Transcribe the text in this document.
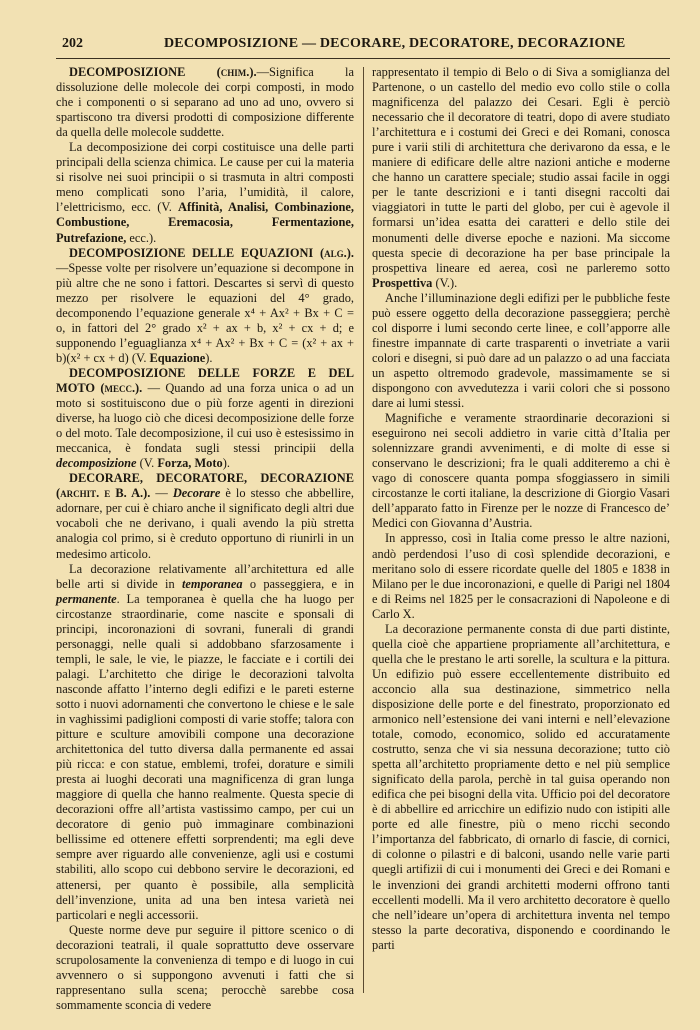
202	DECOMPOSIZIONE — DECORARE, DECORATORE, DECORAZIONE

DECOMPOSIZIONE (chim.).—Significa la dissoluzione delle molecole dei corpi composti, in modo che i componenti o si separano ad uno ad uno, ovvero si spartiscono tra diversi prodotti di composizione differente da quella delle molecole suddette.

La decomposizione dei corpi costituisce una delle parti principali della scienza chimica. Le cause per cui la materia si risolve nei suoi principii o si trasmuta in altri composti meno complicati sono l’aria, l’umidità, il calore, l’elettricismo, ecc. (V. Affinità, Analisi, Combinazione, Combustione, Eremacosia, Fermentazione, Putrefazione, ecc.).

DECOMPOSIZIONE DELLE EQUAZIONI (alg.). —Spesse volte per risolvere un’equazione si decompone in più altre che ne sono i fattori. Descartes si servì di questo mezzo per risolvere le equazioni del 4° grado, decomponendo l’equazione generale x⁴ + Ax² + Bx + C = o, in fattori del 2° grado x² + ax + b, x² + cx + d; e supponendo l’eguaglianza x⁴ + Ax² + Bx + C = (x² + ax + b)(x² + cx + d) (V. Equazione).

DECOMPOSIZIONE DELLE FORZE E DEL MOTO (mecc.). — Quando ad una forza unica o ad un moto si sostituiscono due o più forze agenti in direzioni diverse, ha luogo ciò che dicesi decomposizione delle forze o del moto. Tale decomposizione, il cui uso è estesissimo in meccanica, è fondata sugli stessi principii della decomposizione (V. Forza, Moto).

DECORARE, DECORATORE, DECORAZIONE (archit. e B. A.). — Decorare è lo stesso che abbellire, adornare, per cui è chiaro anche il significato degli altri due vocaboli che ne derivano, i quali avendo la più stretta analogia col primo, si è creduto opportuno di riunirli in un medesimo articolo.

La decorazione relativamente all’architettura ed alle belle arti si divide in temporanea o passeggiera, e in permanente. La temporanea è quella che ha luogo per circostanze straordinarie, come nascite e sponsali di principi, incoronazioni di sovrani, funerali di grandi personaggi, nelle quali si addobbano sfarzosamente i templi, le sale, le vie, le piazze, le facciate e i cortili dei palagi. L’architetto che dirige le decorazioni talvolta nasconde affatto l’interno degli edifizi e le pareti esterne sotto i nuovi adornamenti che convertono le chiese e le sale in vaghissimi padiglioni composti di varie stoffe; talora con pitture e sculture amovibili compone una decorazione architettonica del tutto diversa dalla permanente ed assai più ricca: e con statue, emblemi, trofei, dorature e simili presta ai luoghi decorati una magnificenza di gran lunga maggiore di quella che hanno realmente. Questa specie di decorazioni offre all’artista vastissimo campo, per cui un decoratore di genio può immaginare combinazioni bellissime ed ottenere effetti sorprendenti; ma egli deve sempre aver riguardo alle convenienze, agli usi e costumi stabiliti, allo scopo cui debbono servire le decorazioni, ed attenersi, per quanto è possibile, alla semplicità dell’invenzione, unita ad una ben intesa varietà nei particolari e negli accessorii.

Queste norme deve pur seguire il pittore scenico o di decorazioni teatrali, il quale soprattutto deve osservare scrupolosamente la convenienza di tempo e di luogo in cui avvennero o si suppongono avvenuti i fatti che si rappresentano sulla scena; perocchè sarebbe cosa sommamente sconcia di vedere

rappresentato il tempio di Belo o di Siva a somiglianza del Partenone, o un castello del medio evo collo stile o colla magnificenza del palazzo dei Cesari. Egli è perciò necessario che il decoratore di teatri, dopo di avere studiato l’architettura e i costumi dei Greci e dei Romani, conosca pure i varii stili di architettura che derivarono da essa, e le maniere di edificare delle altre nazioni antiche e moderne che hanno un carattere speciale; studio assai facile in oggi per le tante descrizioni e i tanti disegni raccolti dai viaggiatori in tutte le parti del globo, per cui è agevole il formarsi un’idea esatta dei caratteri e dello stile dei monumenti delle diverse epoche e nazioni. Ma siccome questa specie di decorazione ha per base principale la prospettiva lineare ed aerea, così ne parleremo sotto Prospettiva (V.).

Anche l’illuminazione degli edifizi per le pubbliche feste può essere oggetto della decorazione passeggiera; perchè col disporre i lumi secondo certe linee, e coll’apporre alle finestre impannate di carte trasparenti o invetriate a varii colori e disegni, si può dare ad un palazzo o ad una facciata un aspetto oltremodo gradevole, massimamente se si dispongono con avvedutezza i varii colori che si possono dare ai lumi stessi.

Magnifiche e veramente straordinarie decorazioni si eseguirono nei secoli addietro in varie città d’Italia per solennizzare grandi avvenimenti, e di molte di esse si conservano le descrizioni; fra le quali additeremo a chi è vago di conoscere quanta pompa sfoggiassero in simili circostanze le corti italiane, la descrizione di Giorgio Vasari dell’apparato fatto in Firenze per le nozze di Francesco de’ Medici con Giovanna d’Austria.

In appresso, così in Italia come presso le altre nazioni, andò perdendosi l’uso di così splendide decorazioni, e meritano solo di essere ricordate quelle del 1805 e 1838 in Milano per le due incoronazioni, e quelle di Parigi nel 1804 e di Reims nel 1825 per le consacrazioni di Napoleone e di Carlo X.

La decorazione permanente consta di due parti distinte, quella cioè che appartiene propriamente all’architettura, e quella che le prestano le arti sorelle, la scultura e la pittura. Un edifizio può essere eccellentemente distribuito ed acconcio alla sua destinazione, simmetrico nella disposizione delle porte e del finestrato, proporzionato ed armonico nell’estensione dei vani interni e nell’elevazione totale, comodo, economico, solido ed accuratamente costrutto, senza che vi sia nessuna decorazione; tutto ciò spetta all’architetto propriamente detto e nel più semplice significato della parola, perchè in tal guisa operando non edifica che pei bisogni della vita. Ufficio poi del decoratore è di abbellire ed arricchire un edifizio nudo con istipiti alle porte ed alle finestre, più o meno ricchi secondo l’importanza del fabbricato, di ornarlo di fascie, di cornici, di colonne o pilastri e di balconi, usando nelle varie parti quegli artifizii di cui i monumenti dei Greci e dei Romani e le invenzioni dei grandi architetti moderni offrono tanti eccellenti modelli. Ma il vero architetto decoratore è quello che nell’ideare un’opera di architettura inventa nel tempo stesso la parte decorativa, disponendo e coordinando le parti
